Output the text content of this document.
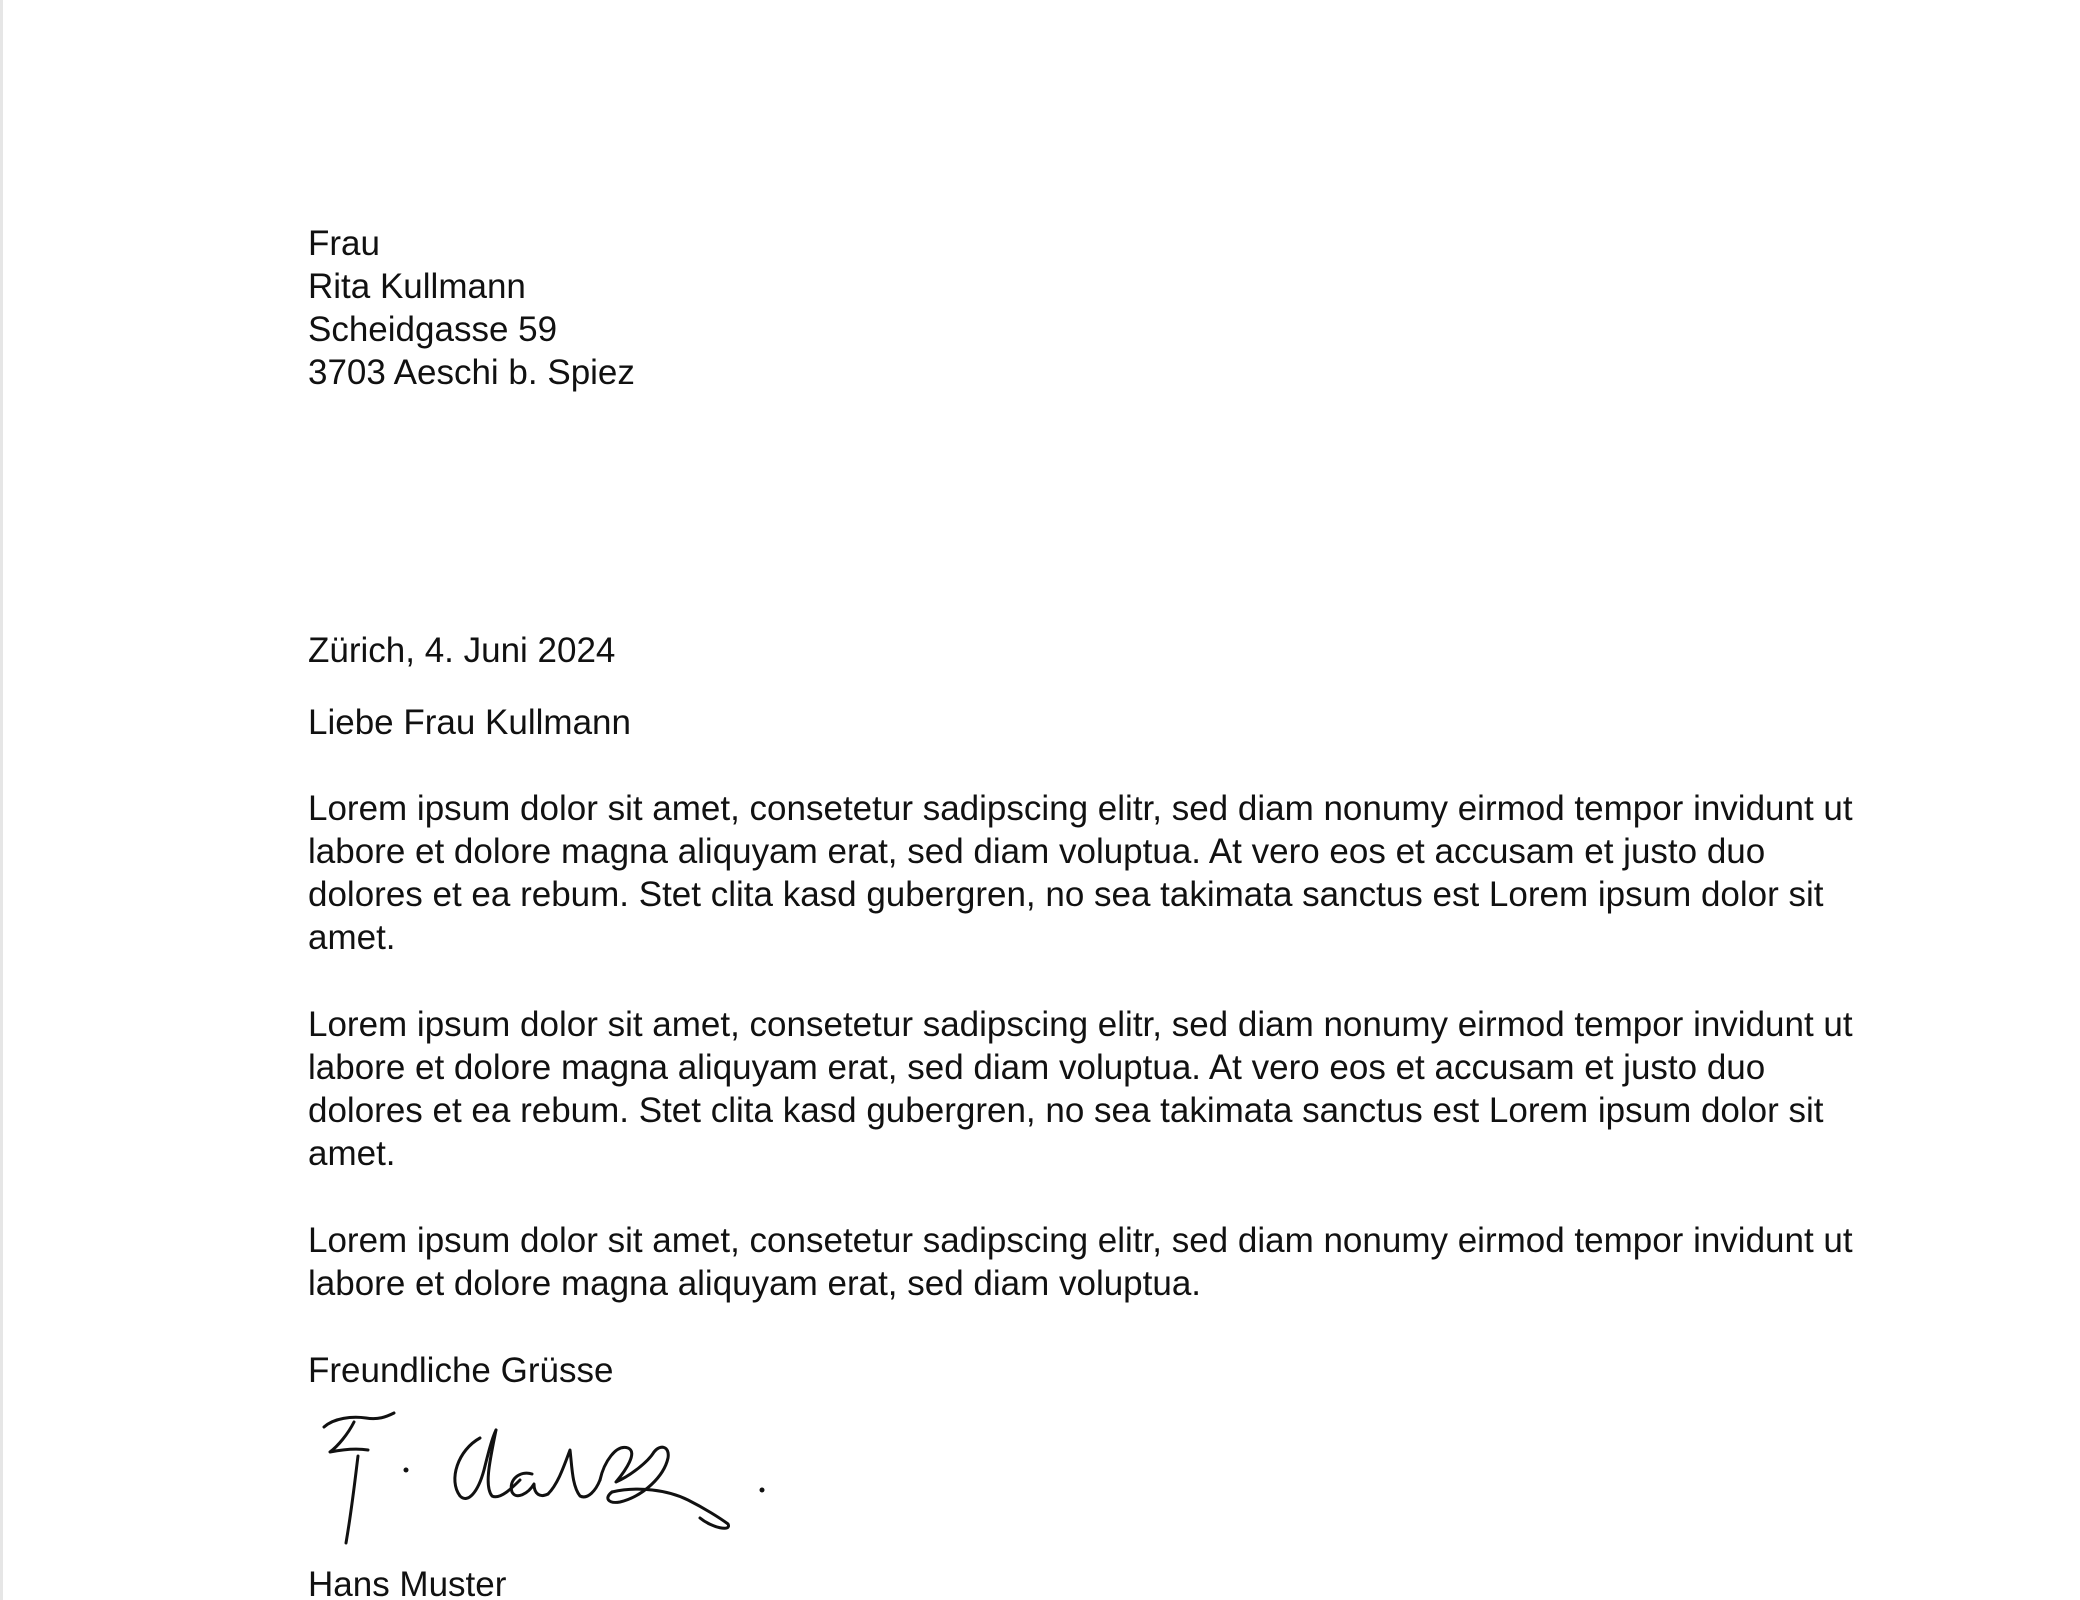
Frau
Rita Kullmann
Scheidgasse 59
3703 Aeschi b. Spiez
Zürich, 4. Juni 2024
Liebe Frau Kullmann

Lorem ipsum dolor sit amet, consetetur sadipscing elitr, sed diam nonumy eirmod tempor invidunt ut labore et dolore magna aliquyam erat, sed diam voluptua. At vero eos et accusam et justo duo dolores et ea rebum. Stet clita kasd gubergren, no sea takimata sanctus est Lorem ipsum dolor sit amet.

Lorem ipsum dolor sit amet, consetetur sadipscing elitr, sed diam nonumy eirmod tempor invidunt ut labore et dolore magna aliquyam erat, sed diam voluptua. At vero eos et accusam et justo duo dolores et ea rebum. Stet clita kasd gubergren, no sea takimata sanctus est Lorem ipsum dolor sit amet.

Lorem ipsum dolor sit amet, consetetur sadipscing elitr, sed diam nonumy eirmod tempor invidunt ut labore et dolore magna aliquyam erat, sed diam voluptua.

Freundliche Grüsse
Hans Muster
